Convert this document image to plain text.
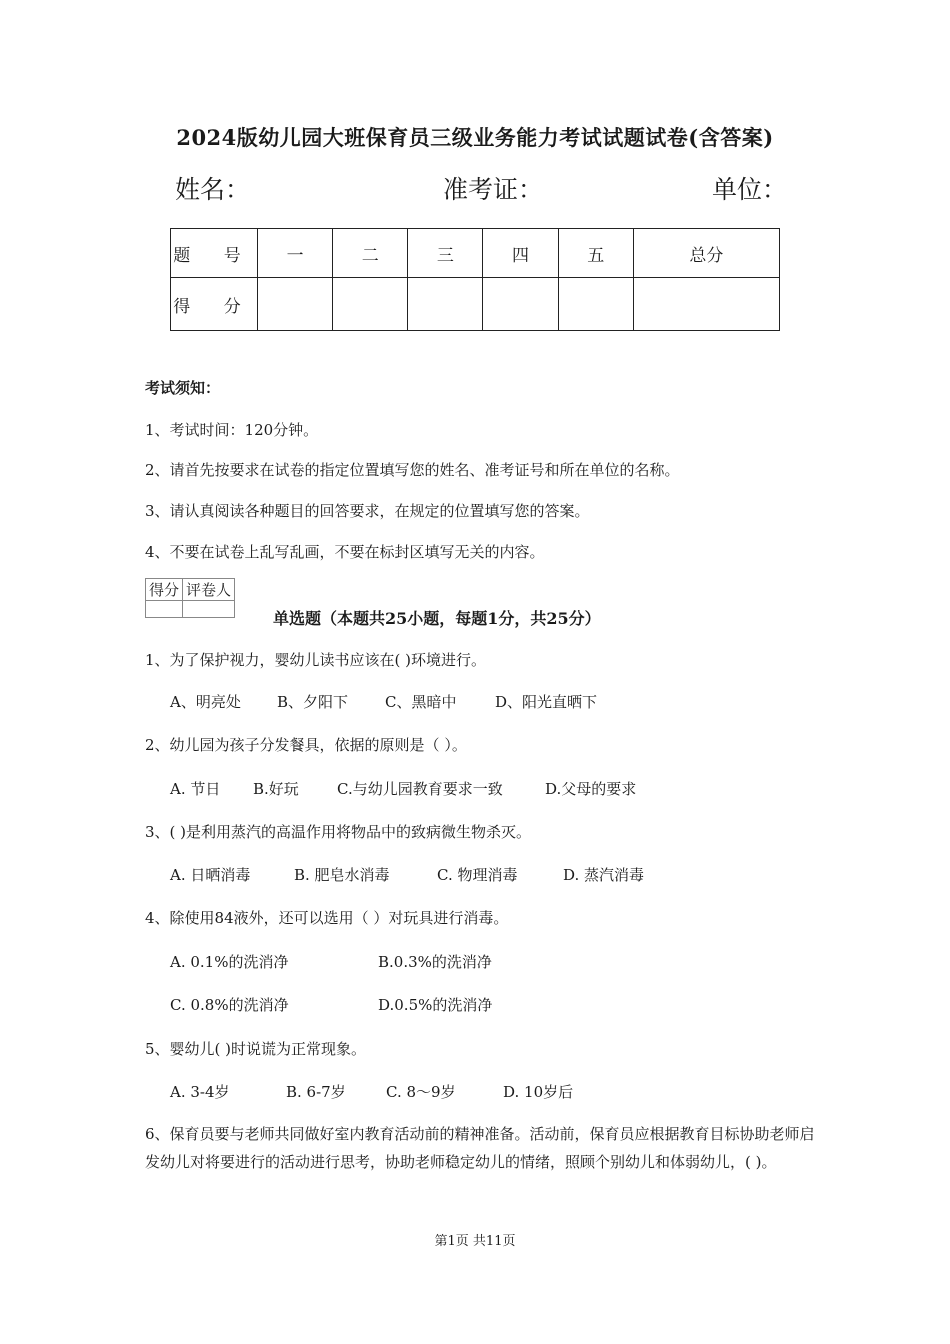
2024版幼儿园大班保育员三级业务能力考试试题试卷(含答案)
姓名：	准考证：	单位：
题 号	一	二	三	四	五	总分
得 分						
考试须知：
1、考试时间：120分钟。
2、请首先按要求在试卷的指定位置填写您的姓名、准考证号和所在单位的名称。
3、请认真阅读各种题目的回答要求，在规定的位置填写您的答案。
4、不要在试卷上乱写乱画，不要在标封区填写无关的内容。
得分	评卷人

单选题（本题共25小题，每题1分，共25分）
1、为了保护视力，婴幼儿读书应该在( )环境进行。
A、明亮处 B、夕阳下 C、黑暗中	D、阳光直晒下
2、幼儿园为孩子分发餐具，依据的原则是（ ）。
A. 节日 B.好玩	C.与幼儿园教育要求一致	D.父母的要求
3、( )是利用蒸汽的高温作用将物品中的致病微生物杀灭。
A. 日晒消毒	B. 肥皂水消毒	C. 物理消毒	D. 蒸汽消毒
4、除使用84液外，还可以选用（ ）对玩具进行消毒。
A. 0.1%的洗消净	B.0.3%的洗消净
C. 0.8%的洗消净	D.0.5%的洗消净
5、婴幼儿( )时说谎为正常现象。
A. 3-4岁	B. 6-7岁	C. 8～9岁	D. 10岁后
6、保育员要与老师共同做好室内教育活动前的精神准备。活动前，保育员应根据教育目标协助老师启发幼儿对将要进行的活动进行思考，协助老师稳定幼儿的情绪，照顾个别幼儿和体弱幼儿，( )。
第1页 共11页
